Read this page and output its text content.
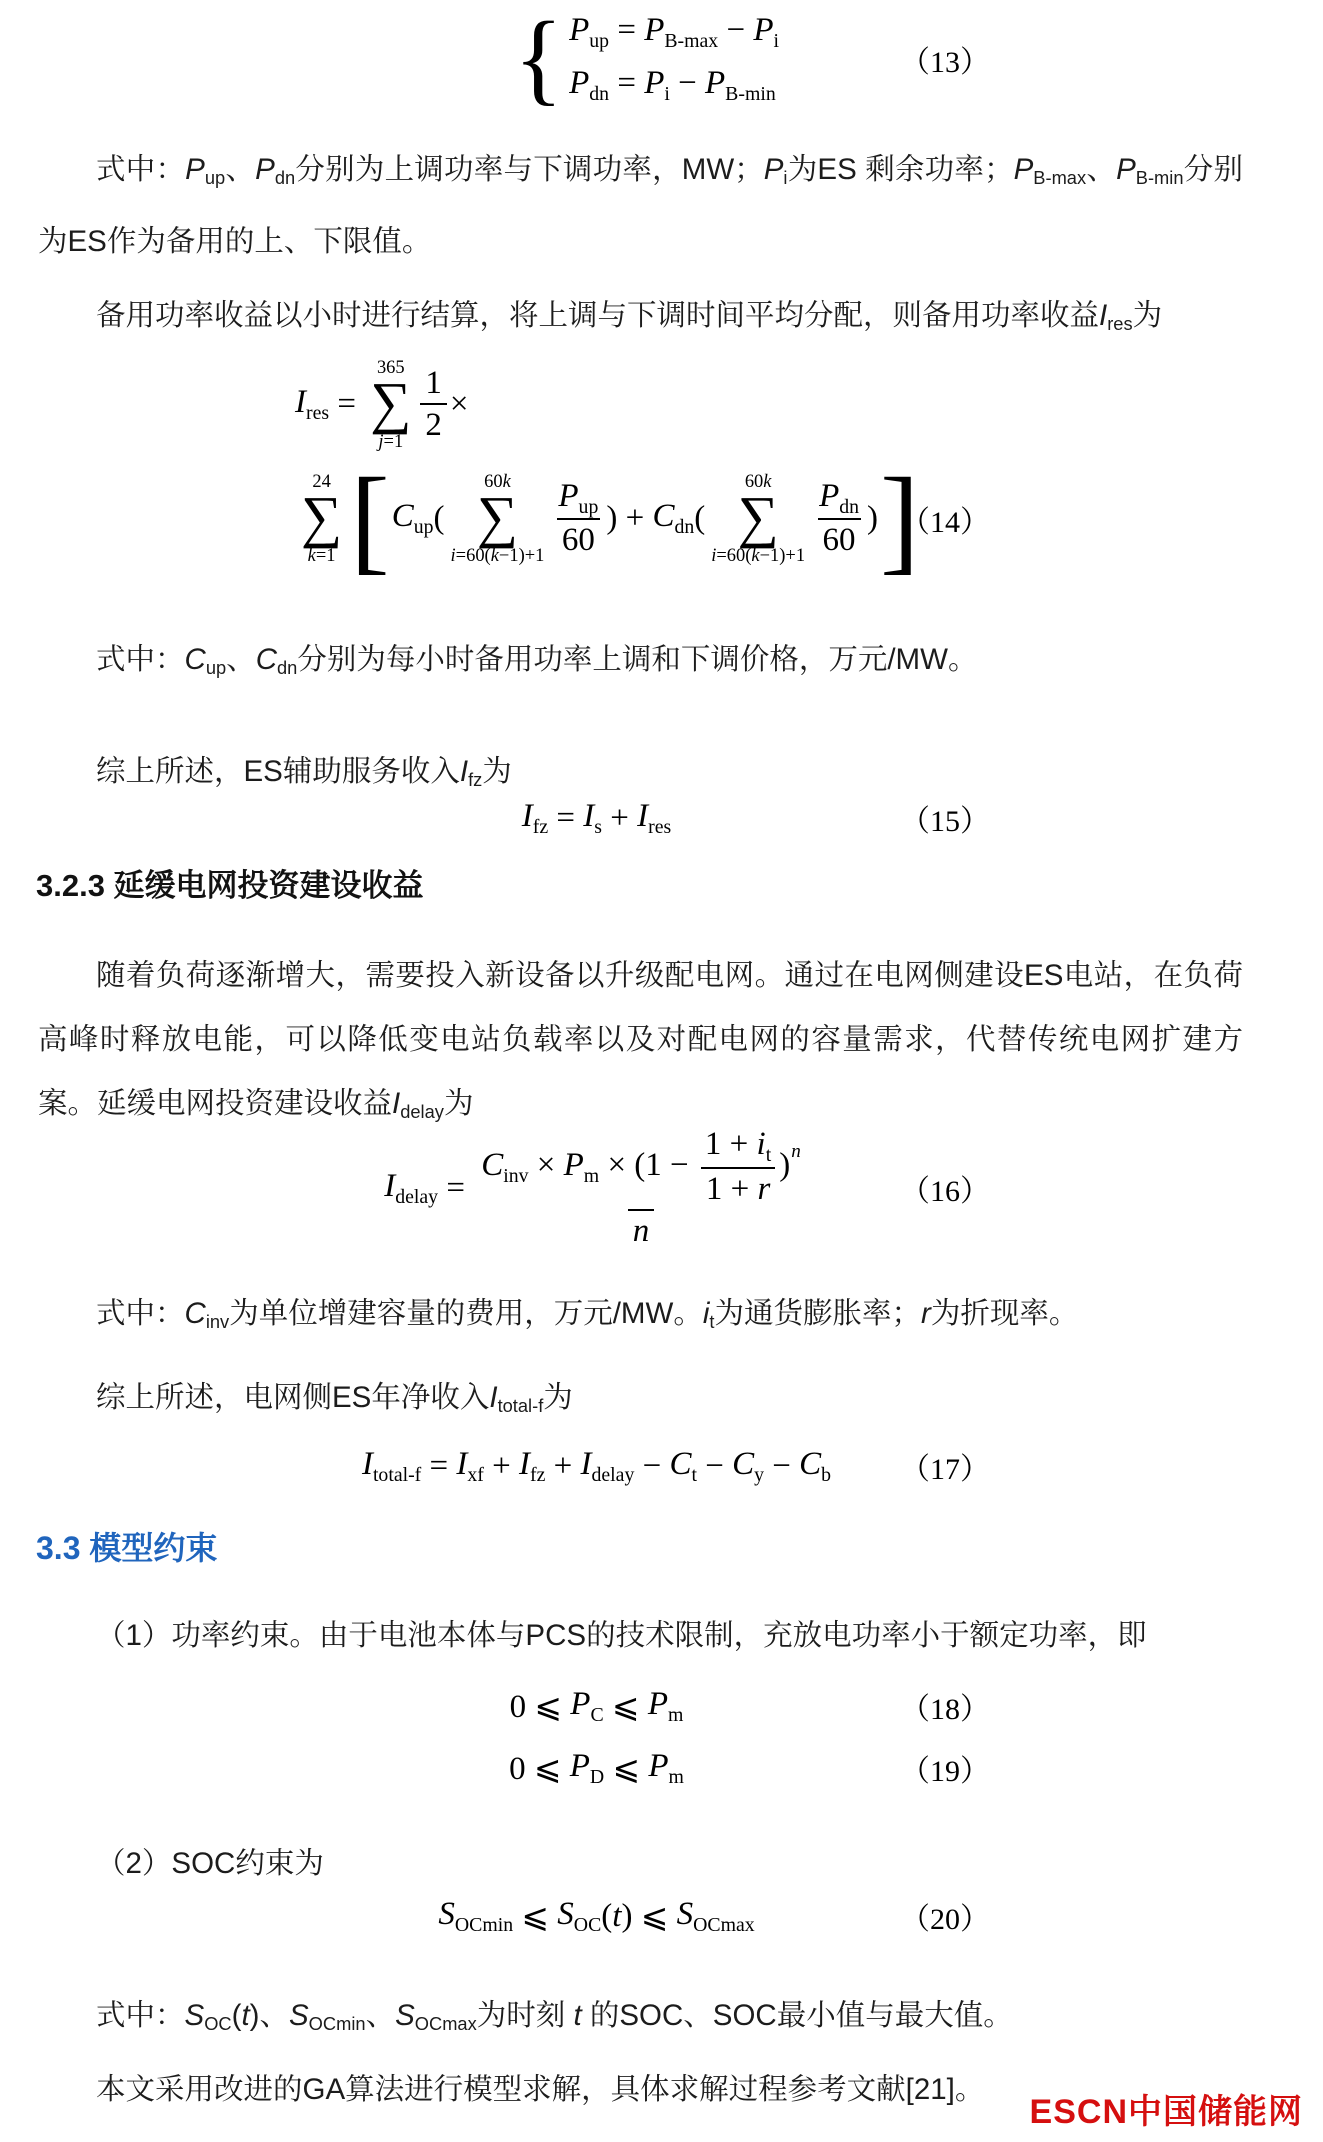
{ $P_{up} = P_{B-max} - P_i$
$P_{dn} = P_i - P_{B-min}$
（13）
式中：Pup、Pdn分别为上调功率与下调功率，MW；Pi为ES 剩余功率；PB-max、PB-min分别为ES作为备用的上、下限值。
备用功率收益以小时进行结算，将上调与下调时间平均分配，则备用功率收益Ires为
$I_{res}$ =
365
∑
$j=1 \frac{1}{2}$ ×
24
∑
k=1 [ $C_{up}$ (
60k
∑
$i=60(k-1)+1 \frac{P_{up}}{60}$ ) + $C_{dn}$ (
60k
∑
$i=60(k-1)+1 \frac{P_{dn}}{60}$ ) ]
（14）
式中：Cup、Cdn分别为每小时备用功率上调和下调价格，万元/MW。
综上所述，ES辅助服务收入Ifz为
$I_{fz} = I_s + I_{res}$	（15）
3.2.3 延缓电网投资建设收益
随着负荷逐渐增大，需要投入新设备以升级配电网。通过在电网侧建设ES电站，在负荷高峰时释放电能，可以降低变电站负载率以及对配电网的容量需求，代替传统电网扩建方案。延缓电网投资建设收益Idelay为
$I_{delay} = \frac{C_{inv} \times P_m \times (1 - \frac{1 + i_t}{1 + r} )^n}{n}$	（16）
式中：Cinv为单位增建容量的费用，万元/MW。it为通货膨胀率；r为折现率。
综上所述，电网侧ES年净收入Itotal-f为
$I_{total-f} = I_{xf} + I_{fz} + I_{delay} - C_t - C_y - C_b$ （17）
3.3 模型约束
（1）功率约束。由于电池本体与PCS的技术限制，充放电功率小于额定功率，即
0 ⩽ $P_C$ ⩽ $P_m$	（18）
0 ⩽ $P_D$ ⩽ $P_m$	（19）
（2）SOC约束为
$S_{OCmin}$ ⩽ $S_{OC}$ ( t ) ⩽ $S_{OCmax}$	（20）
式中：SOC(t)、SOCmin、SOCmax为时刻 t 的SOC、SOC最小值与最大值。
本文采用改进的GA算法进行模型求解，具体求解过程参考文献[21]。
ESCN中国储能网
